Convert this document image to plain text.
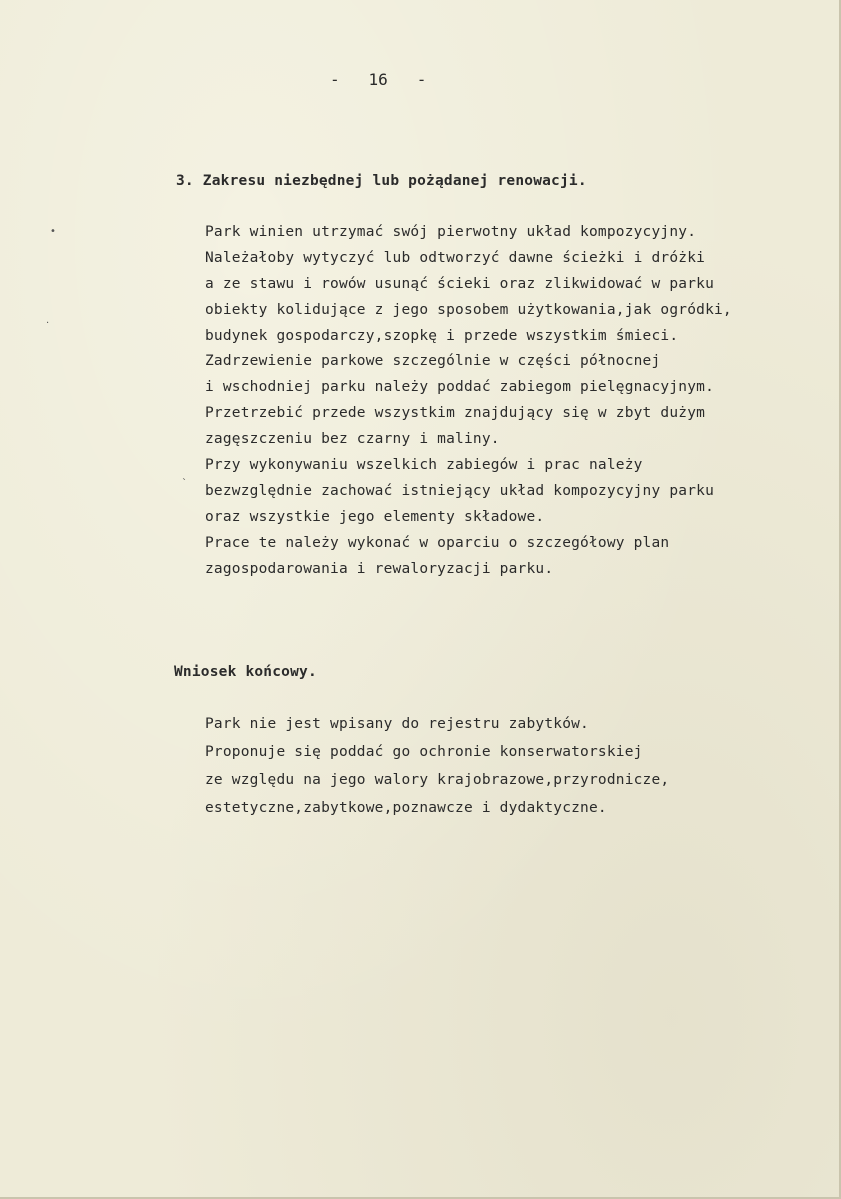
-   16   -
3. Zakresu niezbędnej lub pożądanej renowacji.
Park winien utrzymać swój pierwotny układ kompozycyjny.
Należałoby wytyczyć lub odtworzyć dawne ścieżki i dróżki
a ze stawu i rowów usunąć ścieki oraz zlikwidować w parku
obiekty kolidujące z jego sposobem użytkowania,jak ogródki,
budynek gospodarczy,szopkę i przede wszystkim śmieci.
Zadrzewienie parkowe szczególnie w części północnej
i wschodniej parku należy poddać zabiegom pielęgnacyjnym.
Przetrzebić przede wszystkim znajdujący się w zbyt dużym
zagęszczeniu bez czarny i maliny.
Przy wykonywaniu wszelkich zabiegów i prac należy
bezwzględnie zachować istniejący układ kompozycyjny parku
oraz wszystkie jego elementy składowe.
Prace te należy wykonać w oparciu o szczegółowy plan
zagospodarowania i rewaloryzacji parku.
Wniosek końcowy.
Park nie jest wpisany do rejestru zabytków.
Proponuje się poddać go ochronie konserwatorskiej
ze względu na jego walory krajobrazowe,przyrodnicze,
estetyczne,zabytkowe,poznawcze i dydaktyczne.
•
·
ˋ
